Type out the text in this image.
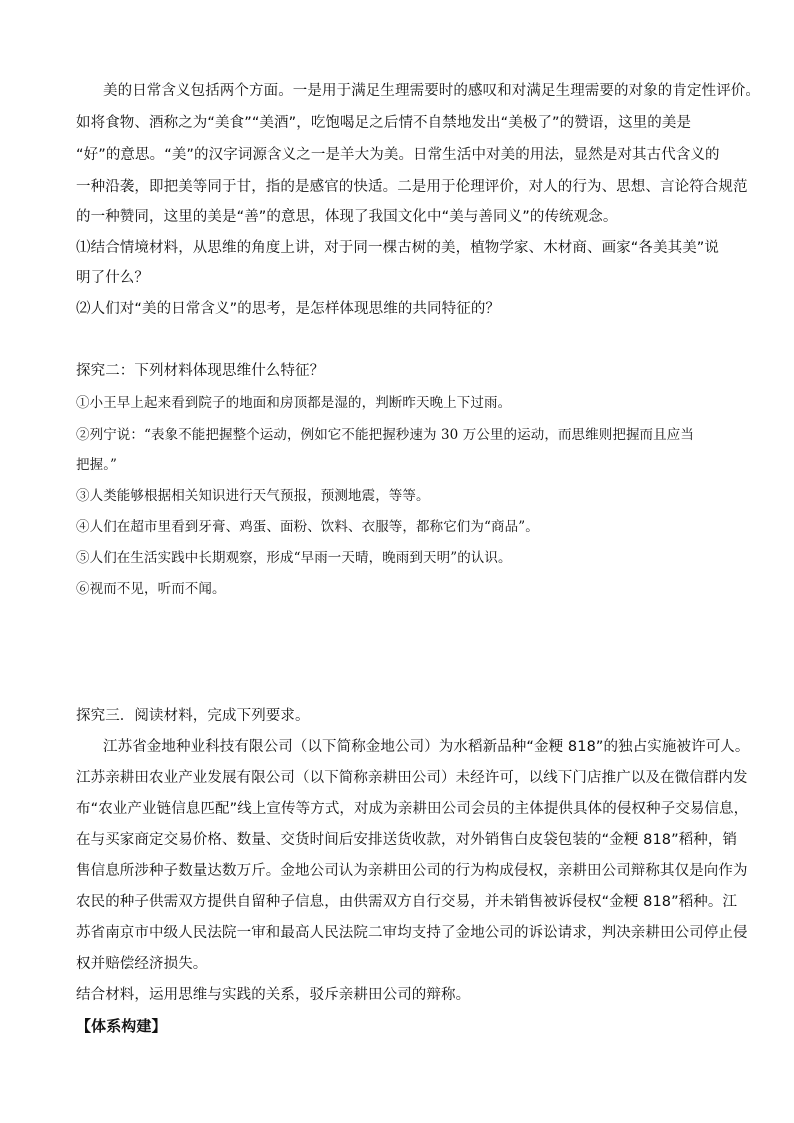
美的日常含义包括两个方面。一是用于满足生理需要时的感叹和对满足生理需要的对象的肯定性评价。
如将食物、酒称之为“美食”“美酒”，吃饱喝足之后情不自禁地发出“美极了”的赞语，这里的美是
“好”的意思。“美”的汉字词源含义之一是羊大为美。日常生活中对美的用法，显然是对其古代含义的
一种沿袭，即把美等同于甘，指的是感官的快适。二是用于伦理评价，对人的行为、思想、言论符合规范
的一种赞同，这里的美是“善”的意思，体现了我国文化中“美与善同义”的传统观念。
⑴结合情境材料，从思维的角度上讲，对于同一棵古树的美，植物学家、木材商、画家“各美其美”说
明了什么？
⑵人们对“美的日常含义”的思考，是怎样体现思维的共同特征的？
探究二：下列材料体现思维什么特征？
①小王早上起来看到院子的地面和房顶都是湿的，判断昨天晚上下过雨。
②列宁说：“表象不能把握整个运动，例如它不能把握秒速为 30 万公里的运动，而思维则把握而且应当
把握。”
③人类能够根据相关知识进行天气预报，预测地震，等等。
④人们在超市里看到牙膏、鸡蛋、面粉、饮料、衣服等，都称它们为“商品”。
⑤人们在生活实践中长期观察，形成“早雨一天晴，晚雨到天明”的认识。
⑥视而不见，听而不闻。
探究三．阅读材料，完成下列要求。
江苏省金地种业科技有限公司（以下简称金地公司）为水稻新品种“金粳 818”的独占实施被许可人。
江苏亲耕田农业产业发展有限公司（以下简称亲耕田公司）未经许可，以线下门店推广以及在微信群内发
布“农业产业链信息匹配”线上宣传等方式，对成为亲耕田公司会员的主体提供具体的侵权种子交易信息，
在与买家商定交易价格、数量、交货时间后安排送货收款，对外销售白皮袋包装的“金粳 818”稻种，销
售信息所涉种子数量达数万斤。金地公司认为亲耕田公司的行为构成侵权，亲耕田公司辩称其仅是向作为
农民的种子供需双方提供自留种子信息，由供需双方自行交易，并未销售被诉侵权“金粳 818”稻种。江
苏省南京市中级人民法院一审和最高人民法院二审均支持了金地公司的诉讼请求，判决亲耕田公司停止侵
权并赔偿经济损失。
结合材料，运用思维与实践的关系，驳斥亲耕田公司的辩称。
【体系构建】
